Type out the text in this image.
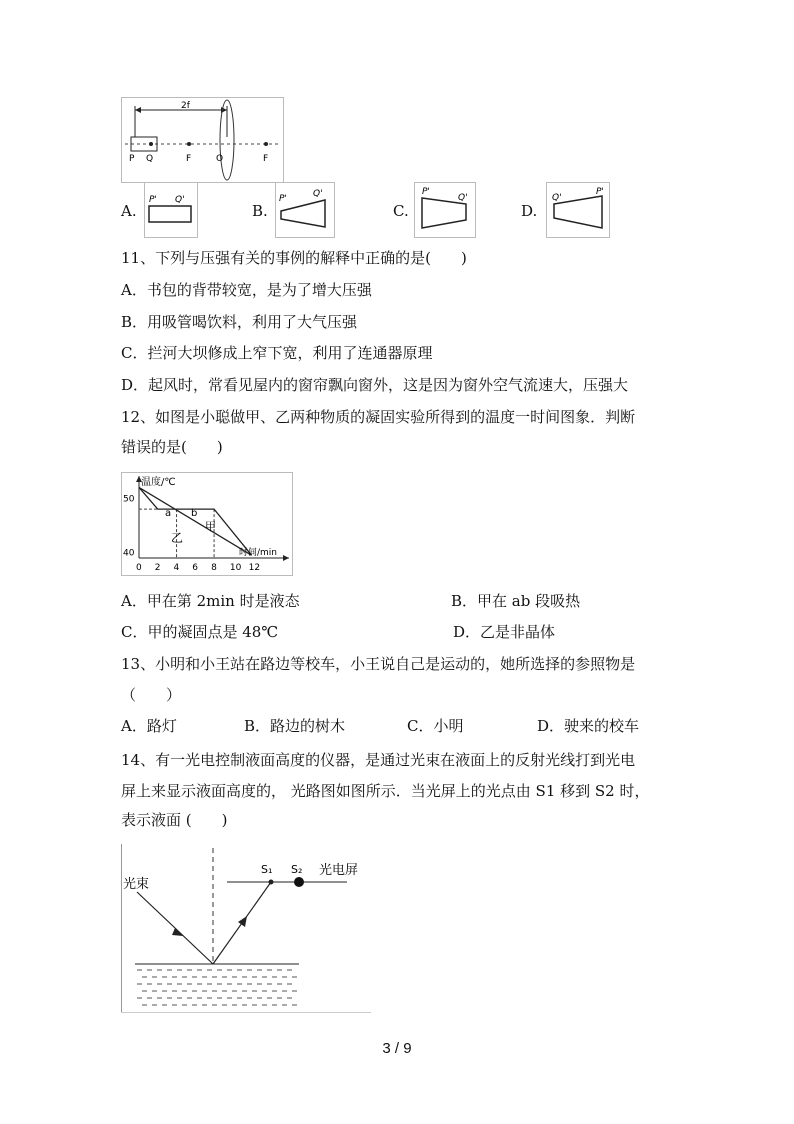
2f
P Q	F	O	F
A.
P' Q'
B.
P'	Q'
C.
P'
Q'
D.
Q'
P'
11、下列与压强有关的事例的解释中正确的是(　　)
A．书包的背带较宽，是为了增大压强
B．用吸管喝饮料，利用了大气压强
C．拦河大坝修成上窄下宽，利用了连通器原理
D．起风时，常看见屋内的窗帘飘向窗外，这是因为窗外空气流速大，压强大
12、如图是小聪做甲、乙两种物质的凝固实验所得到的温度一时间图象．判断
错误的是(　　)
0 2 4 6 8 10 12
40
50
温度/℃
时间/min
a b
甲
乙
A．甲在第 2min 时是液态	B．甲在 ab 段吸热
C．甲的凝固点是 48℃	D．乙是非晶体
13、小明和小王站在路边等校车，小王说自己是运动的，她所选择的参照物是
（　　）
A．路灯	B．路边的树木	C．小明	D．驶来的校车
14、有一光电控制液面高度的仪器，是通过光束在液面上的反射光线打到光电
屏上来显示液面高度的， 光路图如图所示．当光屏上的光点由 S1 移到 S2 时，
表示液面 (　　)
光束
S₁ S₂ 光电屏
3 / 9
